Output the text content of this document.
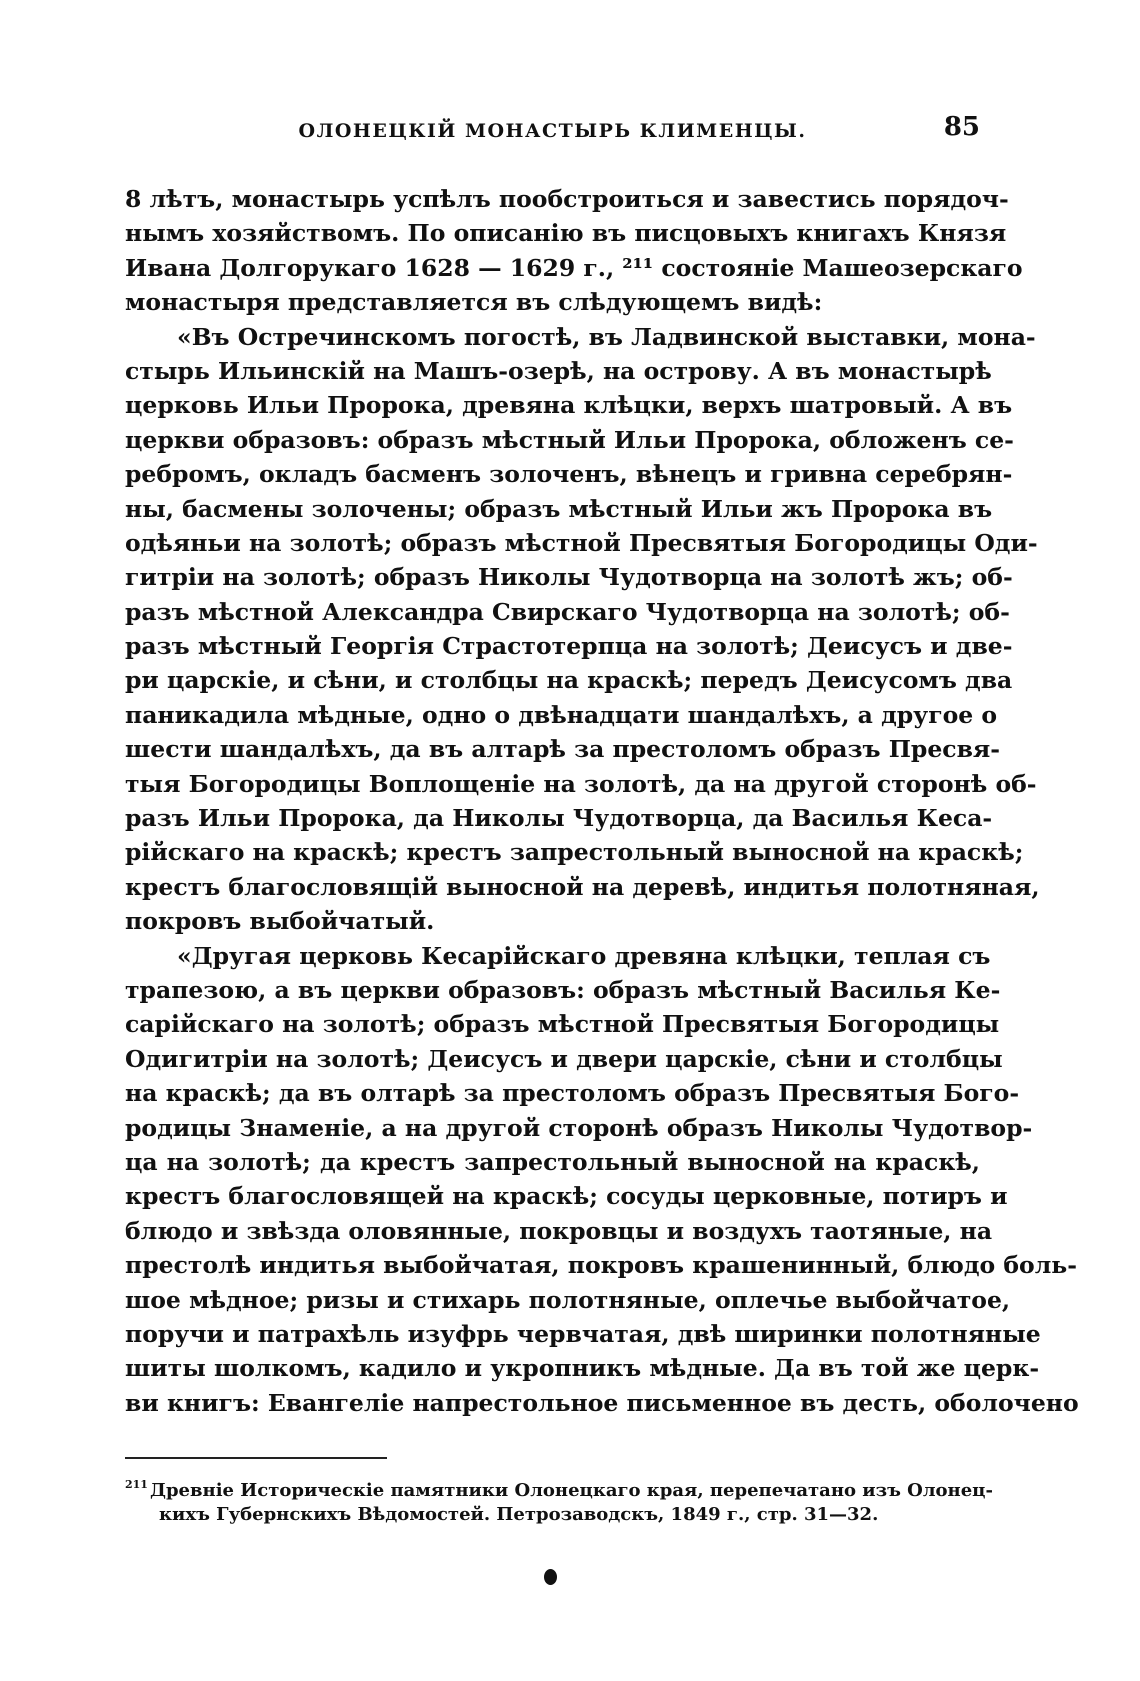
ОЛОНЕЦКІЙ МОНАСТЫРЬ КЛИМЕНЦЫ.	85
8 лѣтъ, монастырь успѣлъ пообстроиться и завестись порядоч-
нымъ хозяйствомъ. По описанію въ писцовыхъ книгахъ Князя
Ивана Долгорукаго 1628 — 1629 г., ²¹¹ состояніе Машеозерскаго
монастыря представляется въ слѣдующемъ видѣ:
«Въ Остречинскомъ погостѣ, въ Ладвинской выставки, мона-
стырь Ильинскій на Машъ-озерѣ, на острову. А въ монастырѣ
церковь Ильи Пророка, древяна клѣцки, верхъ шатровый. А въ
церкви образовъ: образъ мѣстный Ильи Пророка, обложенъ се-
ребромъ, окладъ басменъ золоченъ, вѣнецъ и гривна серебрян-
ны, басмены золочены; образъ мѣстный Ильи жъ Пророка въ
одѣяньи на золотѣ; образъ мѣстной Пресвятыя Богородицы Оди-
гитріи на золотѣ; образъ Николы Чудотворца на золотѣ жъ; об-
разъ мѣстной Александра Свирскаго Чудотворца на золотѣ; об-
разъ мѣстный Георгія Страстотерпца на золотѣ; Деисусъ и две-
ри царскіе, и сѣни, и столбцы на краскѣ; передъ Деисусомъ два
паникадила мѣдные, одно о двѣнадцати шандалѣхъ, а другое о
шести шандалѣхъ, да въ алтарѣ за престоломъ образъ Пресвя-
тыя Богородицы Воплощеніе на золотѣ, да на другой сторонѣ об-
разъ Ильи Пророка, да Николы Чудотворца, да Василья Кеса-
рійскаго на краскѣ; крестъ запрестольный выносной на краскѣ;
крестъ благословящій выносной на деревѣ, индитья полотняная,
покровъ выбойчатый.
«Другая церковь Кесарійскаго древяна клѣцки, теплая съ
трапезою, а въ церкви образовъ: образъ мѣстный Василья Ке-
сарійскаго на золотѣ; образъ мѣстной Пресвятыя Богородицы
Одигитріи на золотѣ; Деисусъ и двери царскіе, сѣни и столбцы
на краскѣ; да въ олтарѣ за престоломъ образъ Пресвятыя Бого-
родицы Знаменіе, а на другой сторонѣ образъ Николы Чудотвор-
ца на золотѣ; да крестъ запрестольный выносной на краскѣ,
крестъ благословящей на краскѣ; сосуды церковные, потиръ и
блюдо и звѣзда оловянные, покровцы и воздухъ таотяные, на
престолѣ индитья выбойчатая, покровъ крашенинный, блюдо боль-
шое мѣдное; ризы и стихарь полотняные, оплечье выбойчатое,
поручи и патрахѣль изуфрь червчатая, двѣ ширинки полотняные
шиты шолкомъ, кадило и укропникъ мѣдные. Да въ той же церк-
ви книгъ: Евангеліе напрестольное письменное въ десть, оболочено
$^{211}$ Древніе Историческіе памятники Олонецкаго края, перепечатано изъ Олонец-
кихъ Губернскихъ Вѣдомостей. Петрозаводскъ, 1849 г., стр. 31—32.
